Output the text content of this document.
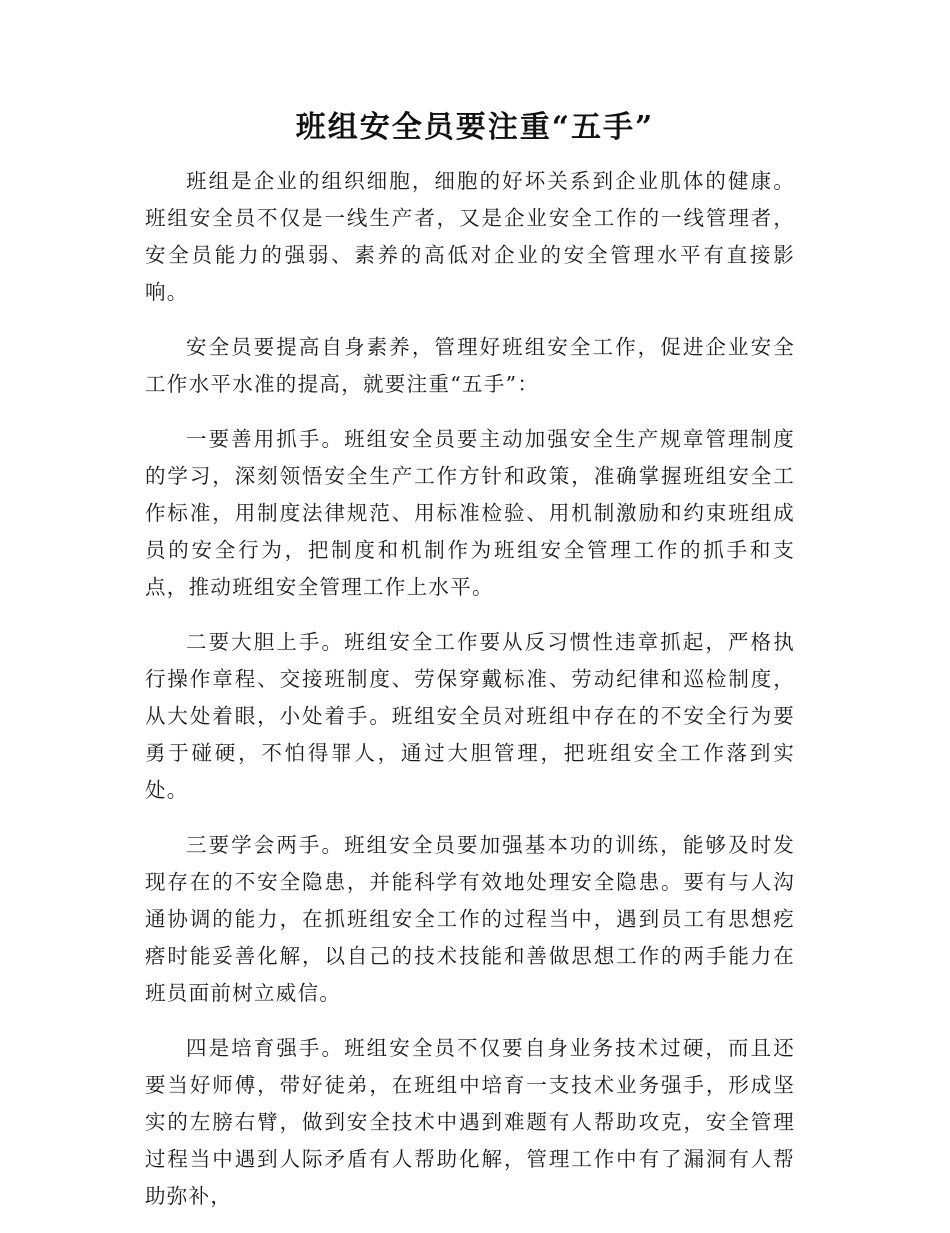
班组安全员要注重“五手”

班组是企业的组织细胞，细胞的好坏关系到企业肌体的健康。班组安全员不仅是一线生产者，又是企业安全工作的一线管理者，安全员能力的强弱、素养的高低对企业的安全管理水平有直接影响。

安全员要提高自身素养，管理好班组安全工作，促进企业安全工作水平水准的提高，就要注重“五手”：

一要善用抓手。班组安全员要主动加强安全生产规章管理制度的学习，深刻领悟安全生产工作方针和政策，准确掌握班组安全工作标准，用制度法律规范、用标准检验、用机制激励和约束班组成员的安全行为，把制度和机制作为班组安全管理工作的抓手和支点，推动班组安全管理工作上水平。

二要大胆上手。班组安全工作要从反习惯性违章抓起，严格执行操作章程、交接班制度、劳保穿戴标准、劳动纪律和巡检制度，从大处着眼，小处着手。班组安全员对班组中存在的不安全行为要勇于碰硬，不怕得罪人，通过大胆管理，把班组安全工作落到实处。

三要学会两手。班组安全员要加强基本功的训练，能够及时发现存在的不安全隐患，并能科学有效地处理安全隐患。要有与人沟通协调的能力，在抓班组安全工作的过程当中，遇到员工有思想疙瘩时能妥善化解，以自己的技术技能和善做思想工作的两手能力在班员面前树立威信。

四是培育强手。班组安全员不仅要自身业务技术过硬，而且还要当好师傅，带好徒弟，在班组中培育一支技术业务强手，形成坚实的左膀右臂，做到安全技术中遇到难题有人帮助攻克，安全管理过程当中遇到人际矛盾有人帮助化解，管理工作中有了漏洞有人帮助弥补，
